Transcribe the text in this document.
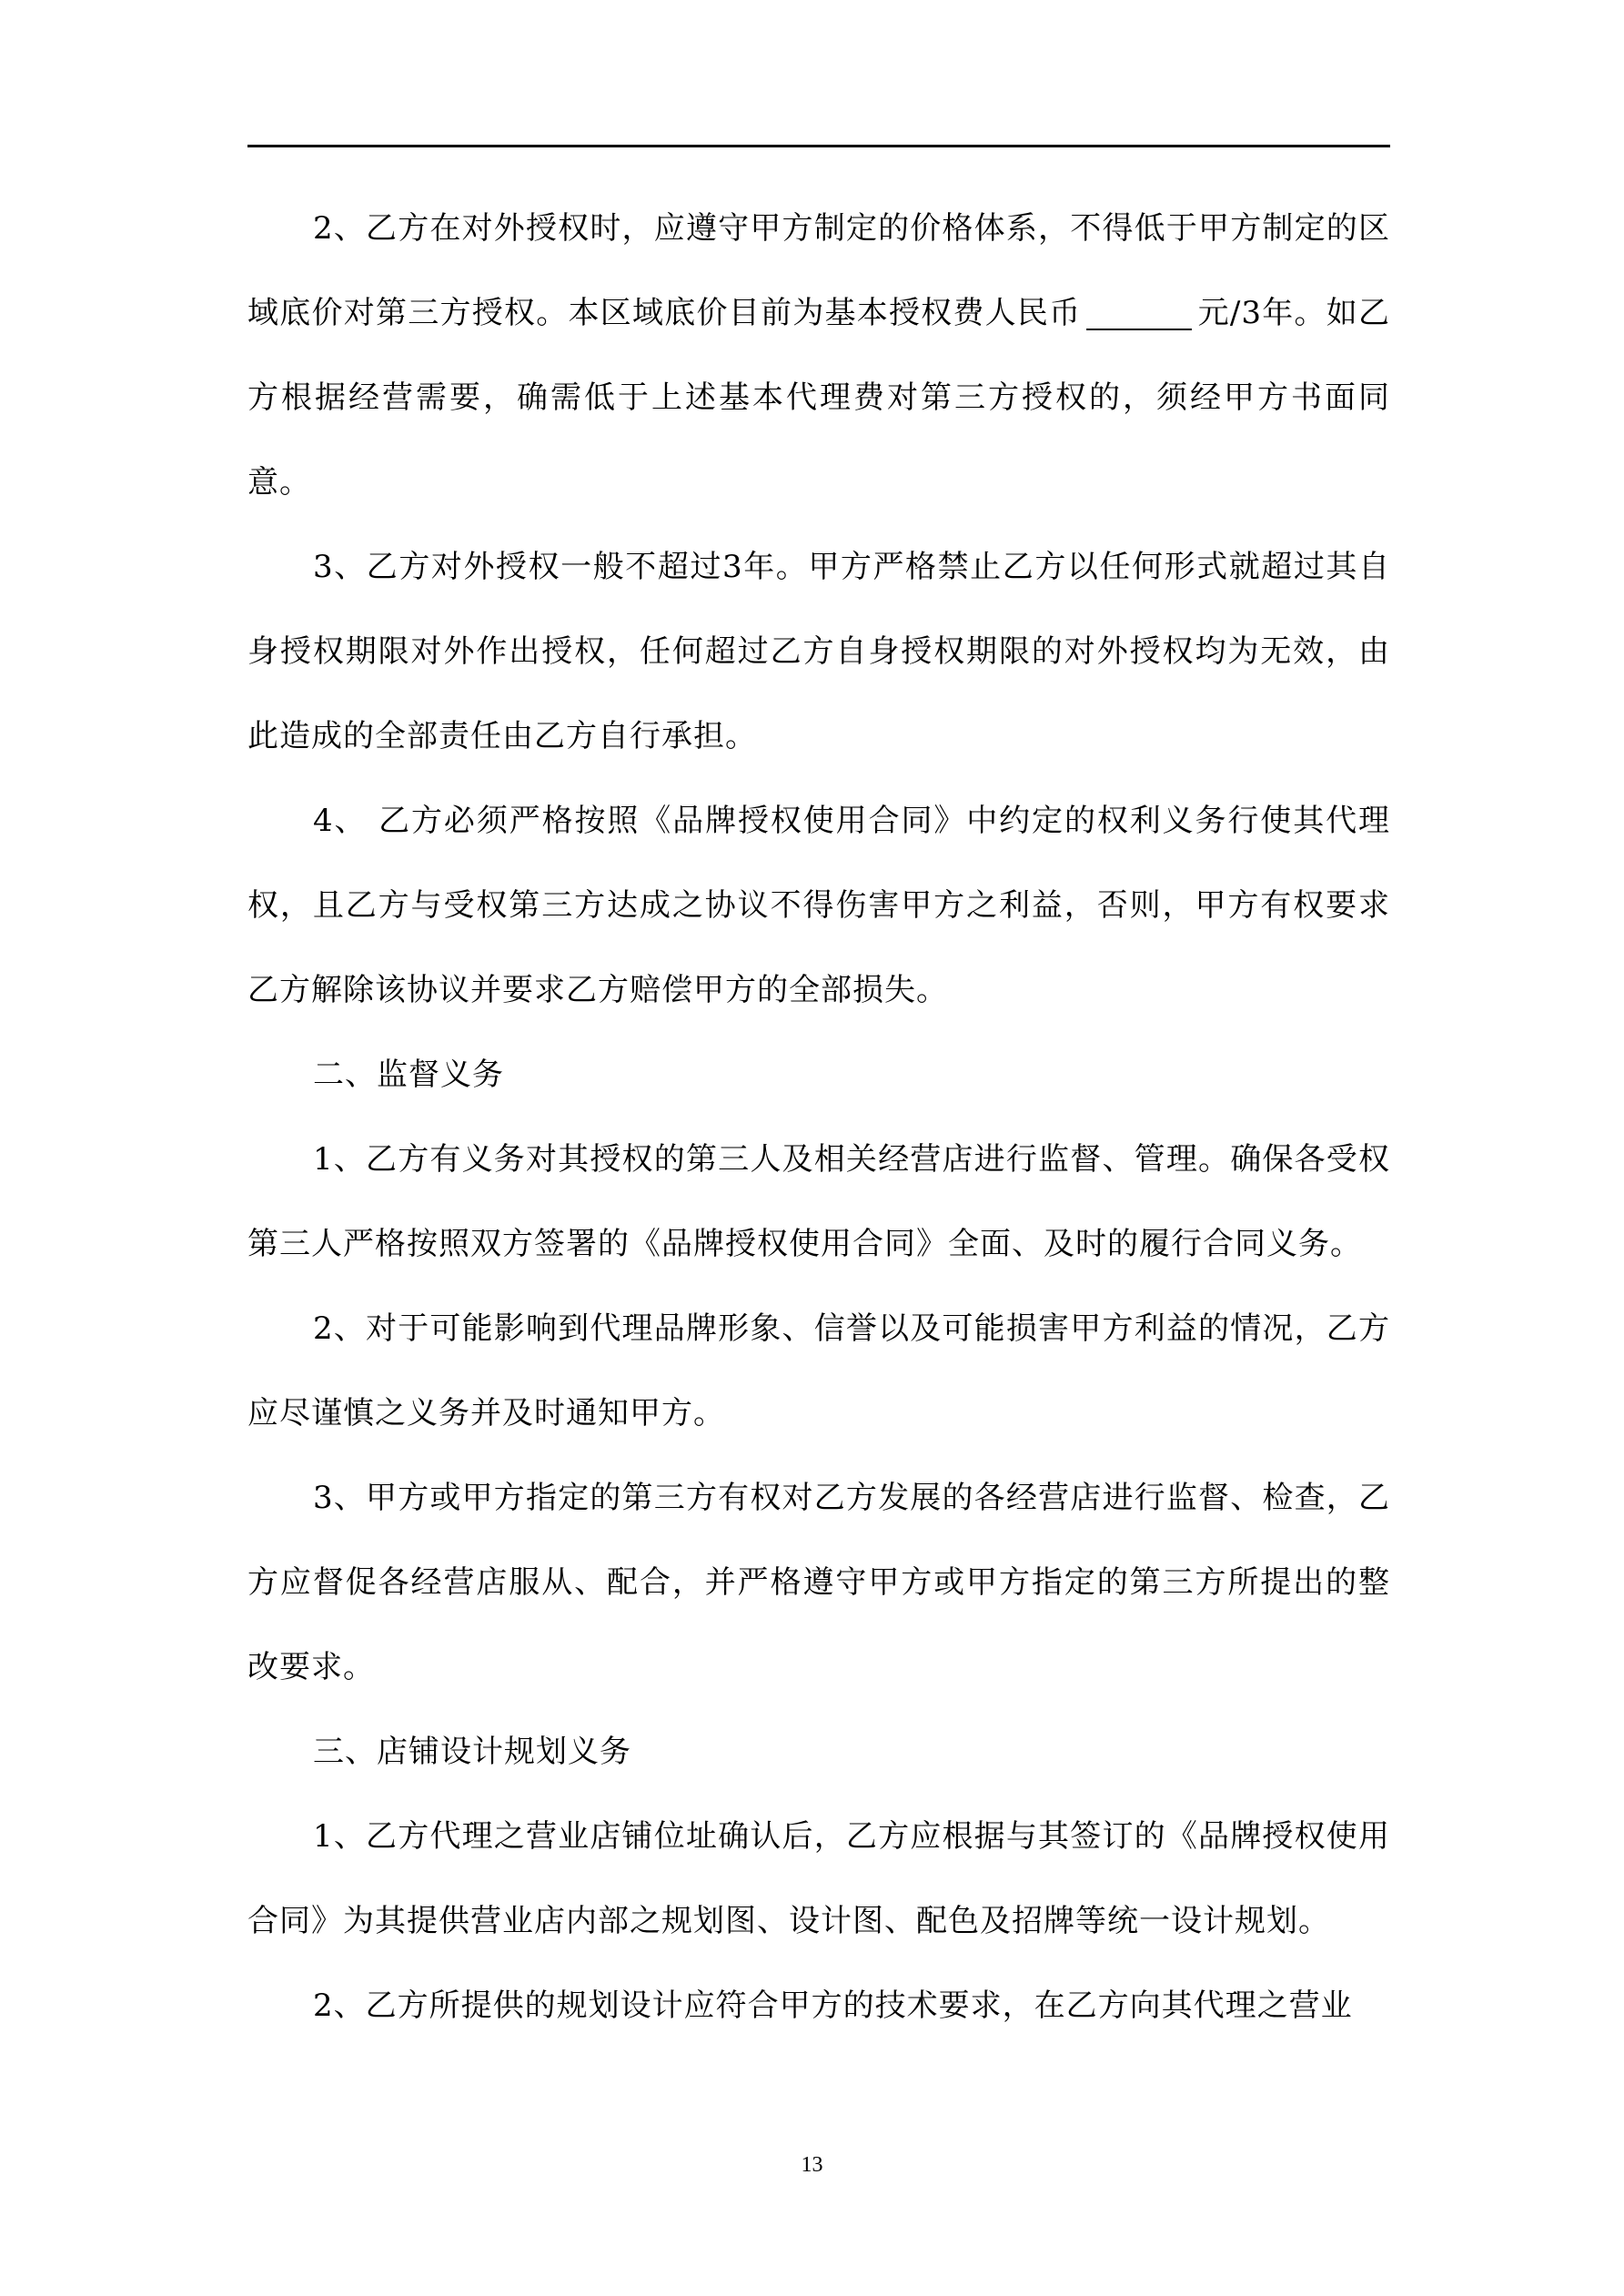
2、乙方在对外授权时，应遵守甲方制定的价格体系，不得低于甲方制定的区域底价对第三方授权。本区域底价目前为基本授权费人民币	元/3年。如乙方根据经营需要，确需低于上述基本代理费对第三方授权的，须经甲方书面同意。

3、乙方对外授权一般不超过3年。甲方严格禁止乙方以任何形式就超过其自身授权期限对外作出授权，任何超过乙方自身授权期限的对外授权均为无效，由此造成的全部责任由乙方自行承担。

4、 乙方必须严格按照《品牌授权使用合同》中约定的权利义务行使其代理权，且乙方与受权第三方达成之协议不得伤害甲方之利益，否则，甲方有权要求乙方解除该协议并要求乙方赔偿甲方的全部损失。

二、监督义务

1、乙方有义务对其授权的第三人及相关经营店进行监督、管理。确保各受权第三人严格按照双方签署的《品牌授权使用合同》全面、及时的履行合同义务。

2、对于可能影响到代理品牌形象、信誉以及可能损害甲方利益的情况，乙方应尽谨慎之义务并及时通知甲方。

3、甲方或甲方指定的第三方有权对乙方发展的各经营店进行监督、检查，乙方应督促各经营店服从、配合，并严格遵守甲方或甲方指定的第三方所提出的整改要求。

三、店铺设计规划义务

1、乙方代理之营业店铺位址确认后，乙方应根据与其签订的《品牌授权使用合同》为其提供营业店内部之规划图、设计图、配色及招牌等统一设计规划。

2、乙方所提供的规划设计应符合甲方的技术要求，在乙方向其代理之营业

13
